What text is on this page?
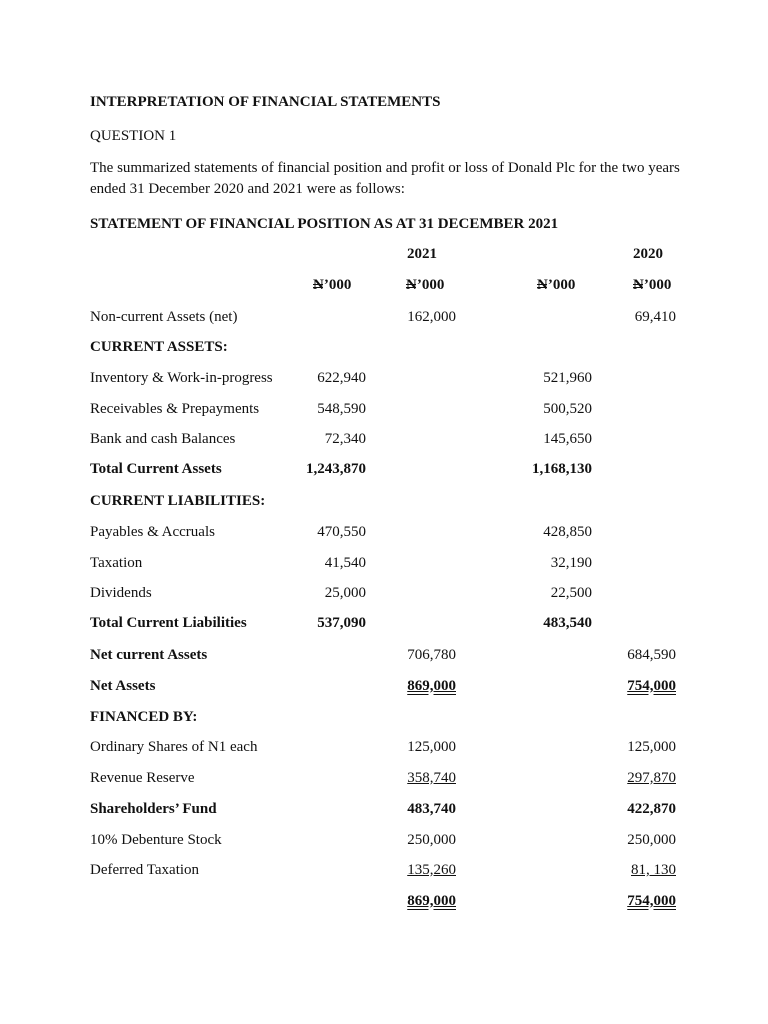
INTERPRETATION OF FINANCIAL STATEMENTS
QUESTION 1
The summarized statements of financial position and profit or loss of Donald Plc for the two years ended 31 December 2020 and 2021 were as follows:
STATEMENT OF FINANCIAL POSITION AS AT 31 DECEMBER 2021
2021	2020
N’000	N’000	N’000	N’000
Non-current Assets (net)	162,000	69,410
CURRENT ASSETS:
Inventory & Work-in-progress	622,940	521,960
Receivables & Prepayments	548,590	500,520
Bank and cash Balances	72,340	145,650
Total Current Assets	1,243,870	1,168,130
CURRENT LIABILITIES:
Payables & Accruals	470,550	428,850
Taxation	41,540	32,190
Dividends	25,000	22,500
Total Current Liabilities	537,090	483,540
Net current Assets	706,780	684,590
Net Assets	869,000	754,000
FINANCED BY:
Ordinary Shares of N1 each	125,000	125,000
Revenue Reserve	358,740	297,870
Shareholders’ Fund	483,740	422,870
10% Debenture Stock	250,000	250,000
Deferred Taxation	135,260	81, 130
869,000	754,000
